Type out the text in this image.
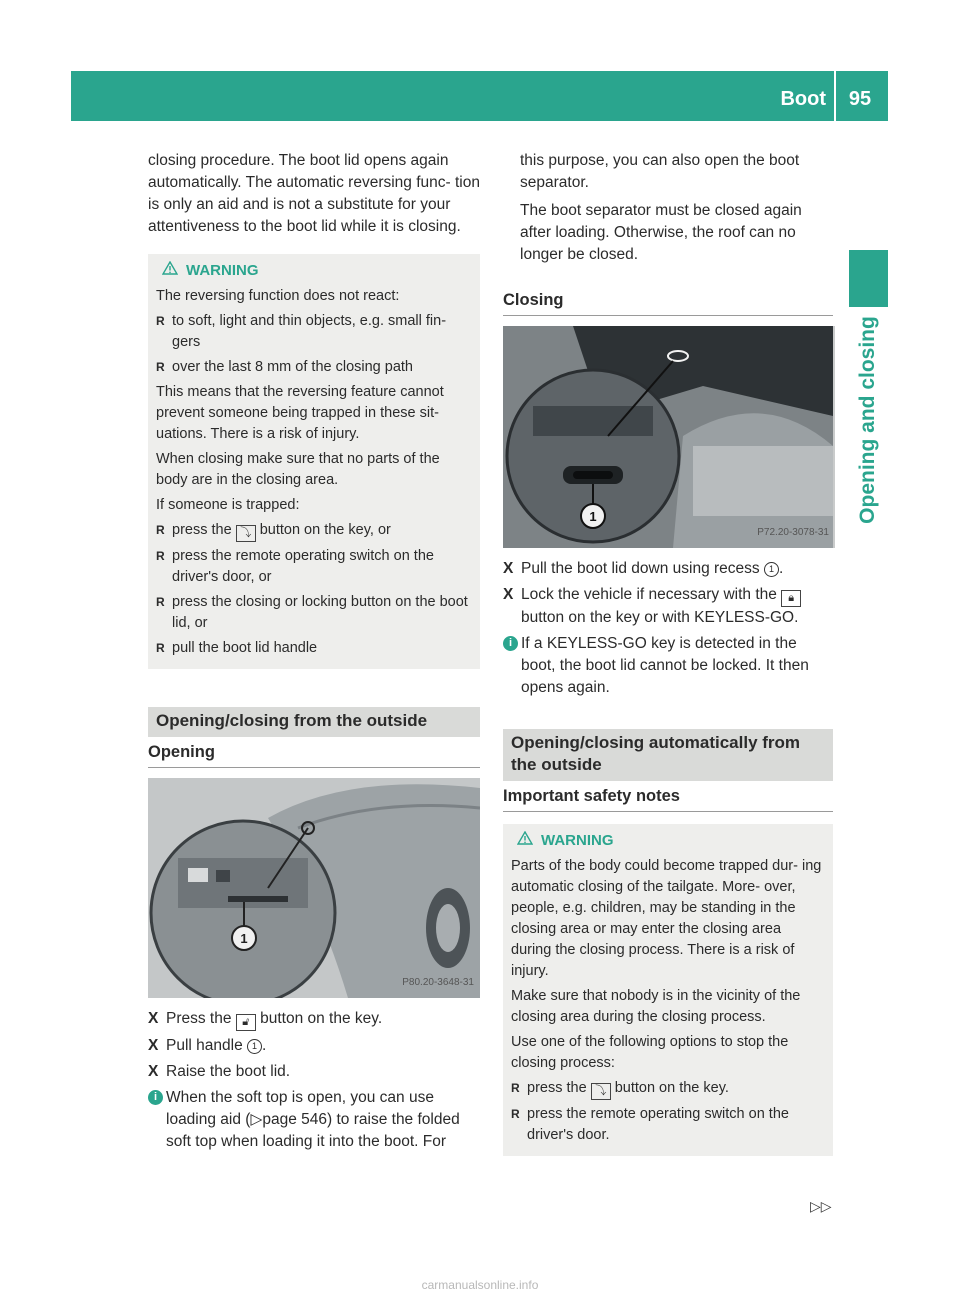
Boot	95
Opening and closing

closing procedure. The boot lid opens again automatically. The automatic reversing func- tion is only an aid and is not a substitute for your attentiveness to the boot lid while it is closing.

WARNING

The reversing function does not react:

R to soft, light and thin objects, e.g. small fin- gers
R over the last 8 mm of the closing path

This means that the reversing feature cannot prevent someone being trapped in these sit- uations. There is a risk of injury.

When closing make sure that no parts of the body are in the closing area.

If someone is trapped:

R press the ⤵ button on the key, or
R press the remote operating switch on the driver's door, or
R press the closing or locking button on the boot lid, or
R pull the boot lid handle
Opening/closing from the outside
Opening
1
P80.20-3648-31
X Press the 🔓︎ button on the key.
X Pull handle 1 .
X Raise the boot lid.
i When the soft top is open, you can use loading aid (▷page 546) to raise the folded soft top when loading it into the boot. For

this purpose, you can also open the boot separator.

The boot separator must be closed again after loading. Otherwise, the roof can no longer be closed.

Closing
1
P72.20-3078-31
X Pull the boot lid down using recess 1 .
X Lock the vehicle if necessary with the 🔒︎ button on the key or with KEYLESS-GO.
i If a KEYLESS-GO key is detected in the boot, the boot lid cannot be locked. It then opens again.
Opening/closing automatically from the outside
Important safety notes
WARNING

Parts of the body could become trapped dur- ing automatic closing of the tailgate. More- over, people, e.g. children, may be standing in the closing area or may enter the closing area during the closing process. There is a risk of injury.

Make sure that nobody is in the vicinity of the closing area during the closing process.

Use one of the following options to stop the closing process:

R press the ⤵ button on the key.
R press the remote operating switch on the driver's door.
▷▷
carmanualsonline.info
